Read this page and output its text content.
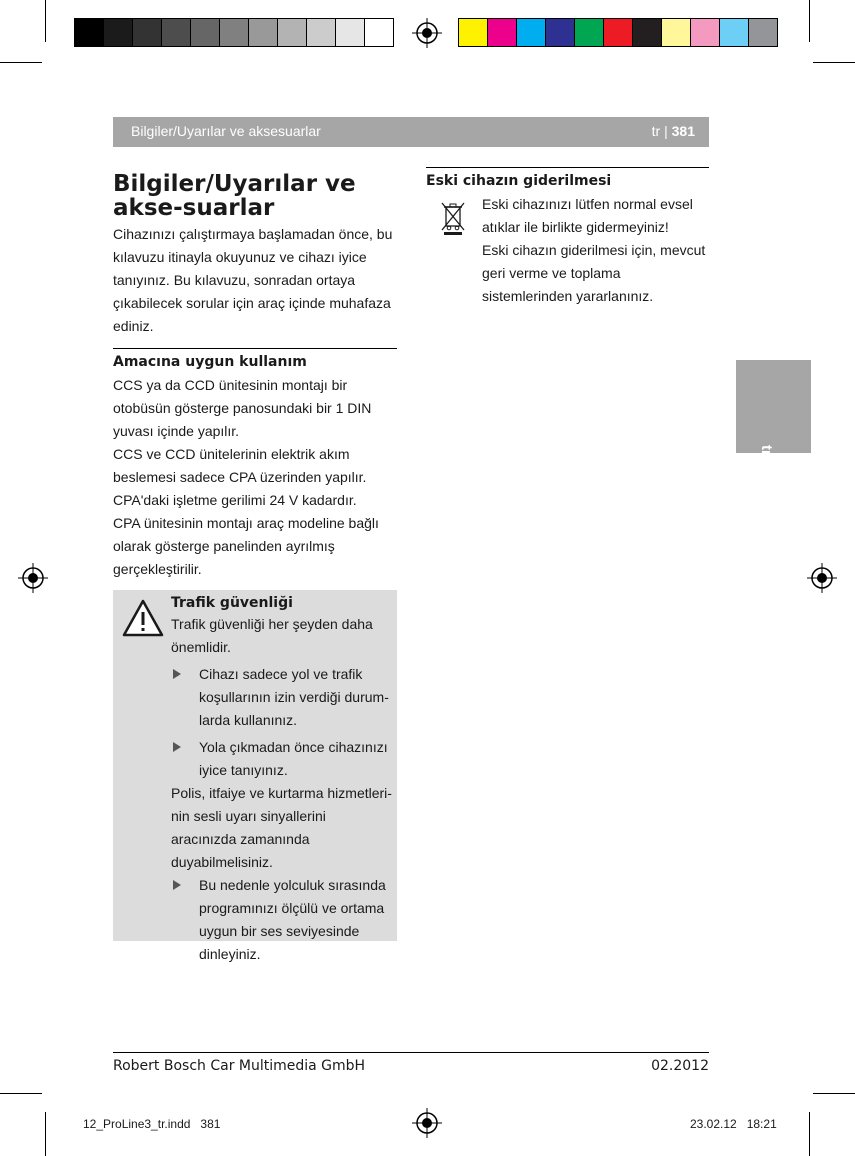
Bilgiler/Uyarılar ve aksesuarlar	tr | 381
tr
Bilgiler/Uyarılar ve akse-suarlar

Cihazınızı çalıştırmaya başlamadan önce, bu kılavuzu itinayla okuyunuz ve cihazı iyice tanıyınız. Bu kılavuzu, sonradan ortaya çıkabilecek sorular için araç içinde muhafaza ediniz.

Amacına uygun kullanım

CCS ya da CCD ünitesinin montajı bir otobüsün gösterge panosundaki bir 1 DIN yuvası içinde yapılır.

CCS ve CCD ünitelerinin elektrik akım beslemesi sadece CPA üzerinden yapılır.

CPA'daki işletme gerilimi 24 V kadardır.

CPA ünitesinin montajı araç modeline bağlı olarak gösterge panelinden ayrılmış gerçekleştirilir.

Trafik güvenliği

Trafik güvenliği her şeyden daha önemlidir.

Cihazı sadece yol ve trafik koşullarının izin verdiği durum-larda kullanınız.
Yola çıkmadan önce cihazınızı iyice tanıyınız.

Polis, itfaiye ve kurtarma hizmetleri-nin sesli uyarı sinyallerini aracınızda zamanında duyabilmelisiniz.

Bu nedenle yolculuk sırasında programınızı ölçülü ve ortama uygun bir ses seviyesinde dinleyiniz.
Eski cihazın giderilmesi

Eski cihazınızı lütfen normal evsel atıklar ile birlikte gidermeyiniz!

Eski cihazın giderilmesi için, mevcut geri verme ve toplama sistemlerinden yararlanınız.

Robert Bosch Car Multimedia GmbH	02.2012
12_ProLine3_tr.indd   381	23.02.12   18:21
